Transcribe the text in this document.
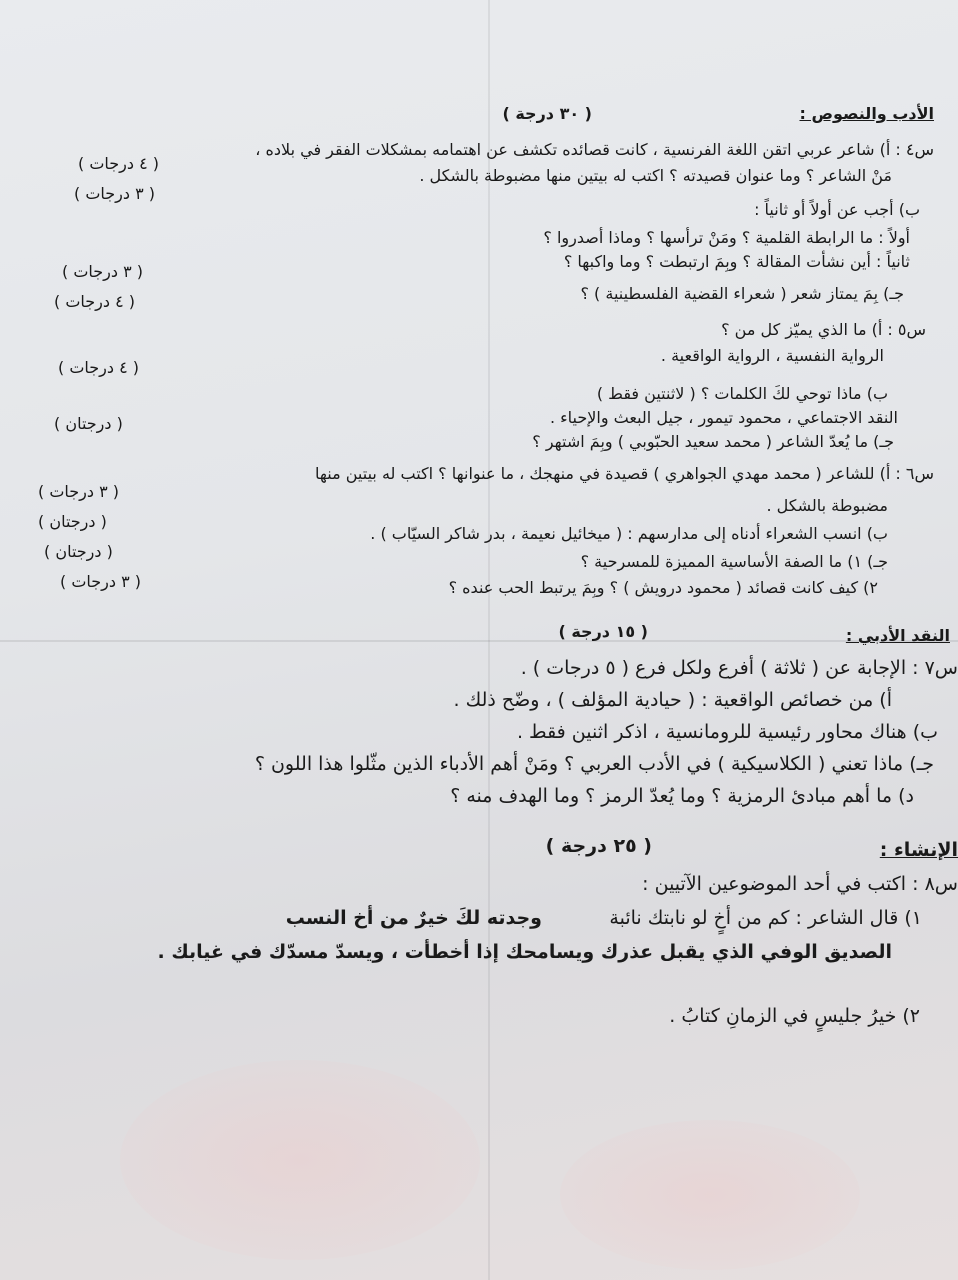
الأدب والنصوص :
( ٣٠ درجة )
س٤ : أ) شاعر عربي اتقن اللغة الفرنسية ، كانت قصائده تكشف عن اهتمامه بمشكلات الفقر في بلاده ،
مَنْ الشاعر ؟ وما عنوان قصيدته ؟ اكتب له بيتين منها مضبوطة بالشكل .
ب) أجب عن أولاً أو ثانياً :
أولاً : ما الرابطة القلمية ؟ ومَنْ ترأسها ؟ وماذا أصدروا ؟
ثانياً : أين نشأت المقالة ؟ وبِمَ ارتبطت ؟ وما واكبها ؟
جـ) بِمَ يمتاز شعر ( شعراء القضية الفلسطينية ) ؟
س٥ : أ) ما الذي يميّز كل من ؟
الرواية النفسية ، الرواية الواقعية .
ب) ماذا توحي لكَ الكلمات ؟ ( لاثنتين فقط )
النقد الاجتماعي ، محمود تيمور ، جيل البعث والإحياء .
جـ) ما يُعدّ الشاعر ( محمد سعيد الحبّوبي ) وبِمَ اشتهر ؟
س٦ : أ) للشاعر ( محمد مهدي الجواهري ) قصيدة في منهجك ، ما عنوانها ؟ اكتب له بيتين منها
مضبوطة بالشكل .
ب) انسب الشعراء أدناه إلى مدارسهم : ( ميخائيل نعيمة ، بدر شاكر السيّاب ) .
جـ) ١) ما الصفة الأساسية المميزة للمسرحية ؟
٢) كيف كانت قصائد ( محمود درويش ) ؟ وبِمَ يرتبط الحب عنده ؟
( ٤ درجات )
( ٣ درجات )
( ٣ درجات )
( ٤ درجات )
( ٤ درجات )
( درجتان )
( ٣ درجات )
( درجتان )
( درجتان )
( ٣ درجات )
النقد الأدبي :
( ١٥ درجة )
س٧ : الإجابة عن ( ثلاثة ) أفرع ولكل فرع ( ٥ درجات ) .
أ) من خصائص الواقعية : ( حيادية المؤلف ) ، وضّح ذلك .
ب) هناك محاور رئيسية للرومانسية ، اذكر اثنين فقط .
جـ) ماذا تعني ( الكلاسيكية ) في الأدب العربي ؟ ومَنْ أهم الأدباء الذين مثّلوا هذا اللون ؟
د) ما أهم مبادئ الرمزية ؟ وما يُعدّ الرمز ؟ وما الهدف منه ؟
الإنشاء :
( ٢٥ درجة )
س٨ : اكتب في أحد الموضوعين الآتيين :
١) قال الشاعر : كم من أخٍ لو نابتك نائبة
وجدته لكَ خيرٌ من أخ النسب
الصديق الوفي الذي يقبل عذرك ويسامحك إذا أخطأت ، ويسدّ مسدّك في غيابك .
٢) خيرُ جليسٍ في الزمانِ كتابُ .
